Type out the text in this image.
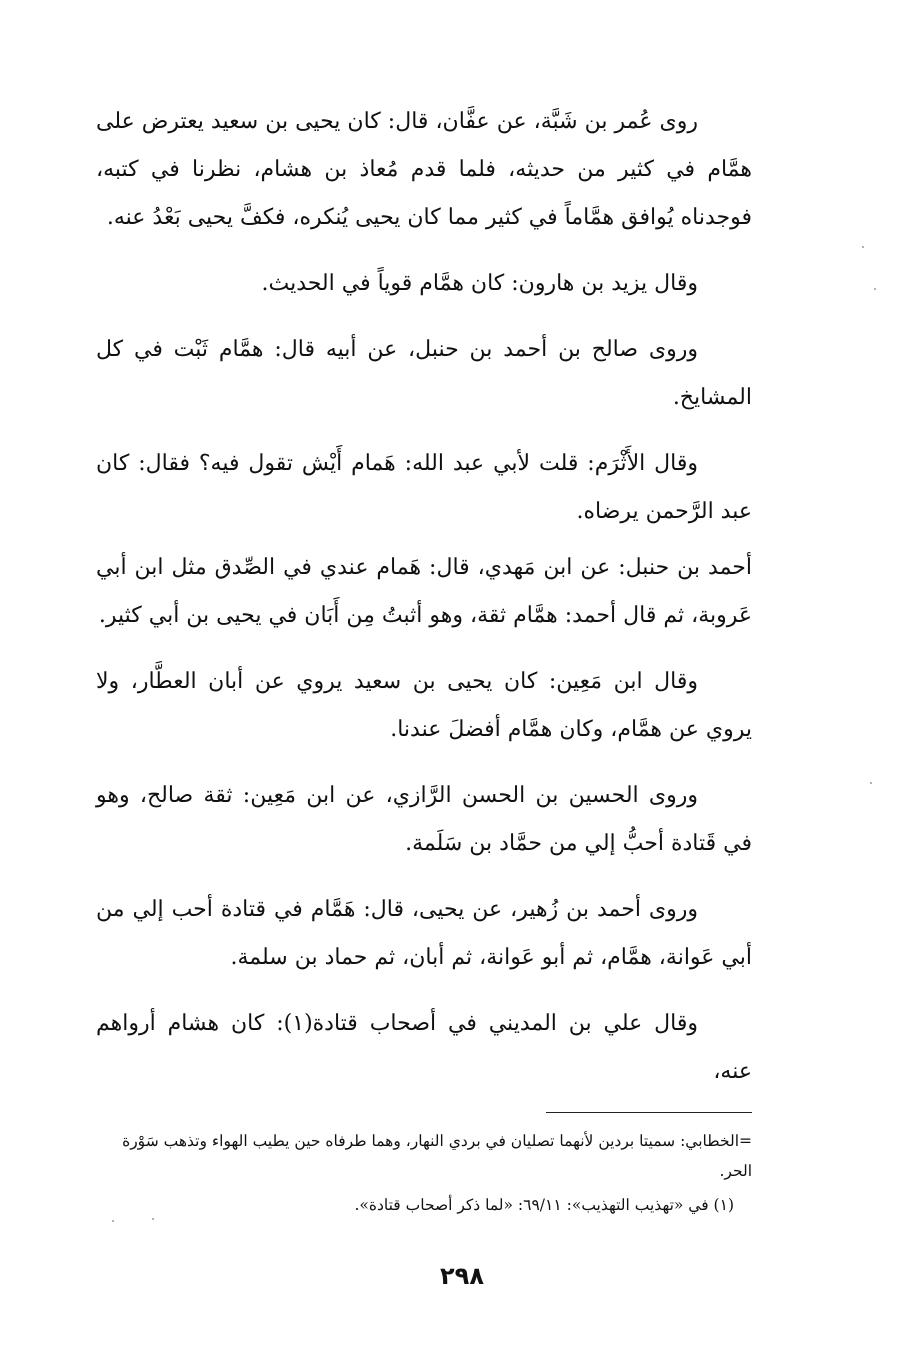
روى عُمر بن شَبَّة، عن عفَّان، قال: كان يحيى بن سعيد يعترض على همَّام في كثير من حديثه، فلما قدم مُعاذ بن هشام، نظرنا في كتبه، فوجدناه يُوافق همَّاماً في كثير مما كان يحيى يُنكره، فكفَّ يحيى بَعْدُ عنه.

وقال يزيد بن هارون: كان همَّام قوياً في الحديث.

وروى صالح بن أحمد بن حنبل، عن أبيه قال: همَّام ثَبْت في كل المشايخ.

وقال الأَثْرَم: قلت لأبي عبد الله: هَمام أَيْش تقول فيه؟ فقال: كان عبد الرَّحمن يرضاه.

أحمد بن حنبل: عن ابن مَهدي، قال: هَمام عندي في الصِّدق مثل ابن أبي عَروبة، ثم قال أحمد: همَّام ثقة، وهو أثبتُ مِن أَبَان في يحيى بن أبي كثير.

وقال ابن مَعِين: كان يحيى بن سعيد يروي عن أبان العطَّار، ولا يروي عن همَّام، وكان همَّام أفضلَ عندنا.

وروى الحسين بن الحسن الرَّازي، عن ابن مَعِين: ثقة صالح، وهو في قَتادة أحبُّ إلي من حمَّاد بن سَلَمة.

وروى أحمد بن زُهير، عن يحيى، قال: هَمَّام في قتادة أحب إلي من أبي عَوانة، همَّام، ثم أبو عَوانة، ثم أبان، ثم حماد بن سلمة.

وقال علي بن المديني في أصحاب قتادة(١): كان هشام أرواهم عنه،

=الخطابي: سميتا بردين لأنهما تصليان في بردي النهار، وهما طرفاه حين يطيب الهواء وتذهب سَوْرة الحر.

(١) في «تهذيب التهذيب»: ٦٩/١١: «لما ذكر أصحاب قتادة».

٢٩٨
